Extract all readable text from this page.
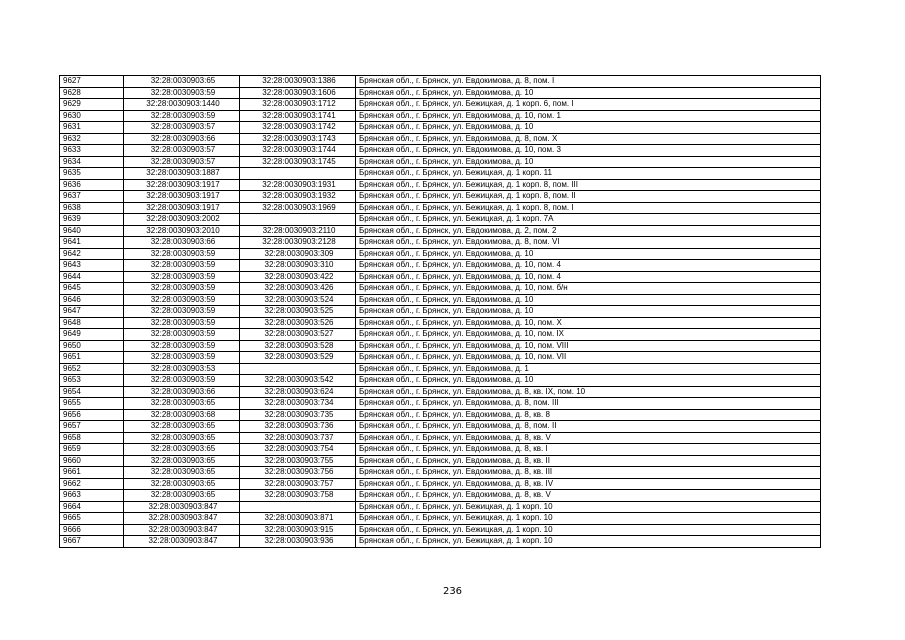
9627	32:28:0030903:65	32:28:0030903:1386	Брянская обл., г. Брянск, ул. Евдокимова, д. 8, пом. I
9628	32:28:0030903:59	32:28:0030903:1606	Брянская обл., г. Брянск, ул. Евдокимова, д. 10
9629	32:28:0030903:1440	32:28:0030903:1712	Брянская обл., г. Брянск, ул. Бежицкая, д. 1 корп. 6, пом. I
9630	32:28:0030903:59	32:28:0030903:1741	Брянская обл., г. Брянск, ул. Евдокимова, д. 10, пом. 1
9631	32:28:0030903:57	32:28:0030903:1742	Брянская обл., г. Брянск, ул. Евдокимова, д. 10
9632	32:28:0030903:66	32:28:0030903:1743	Брянская обл., г. Брянск, ул. Евдокимова, д. 8, пом. X
9633	32:28:0030903:57	32:28:0030903:1744	Брянская обл., г. Брянск, ул. Евдокимова, д. 10, пом. 3
9634	32:28:0030903:57	32:28:0030903:1745	Брянская обл., г. Брянск, ул. Евдокимова, д. 10
9635	32:28:0030903:1887		Брянская обл., г. Брянск, ул. Бежицкая, д. 1 корп. 11
9636	32:28:0030903:1917	32:28:0030903:1931	Брянская обл., г. Брянск, ул. Бежицкая, д. 1 корп. 8, пом. III
9637	32:28:0030903:1917	32:28:0030903:1932	Брянская обл., г. Брянск, ул. Бежицкая, д. 1 корп. 8, пом. II
9638	32:28:0030903:1917	32:28:0030903:1969	Брянская обл., г. Брянск, ул. Бежицкая, д. 1 корп. 8, пом. I
9639	32:28:0030903:2002		Брянская обл., г. Брянск, ул. Бежицкая, д. 1 корп. 7А
9640	32:28:0030903:2010	32:28:0030903:2110	Брянская обл., г. Брянск, ул. Евдокимова, д. 2, пом. 2
9641	32:28:0030903:66	32:28:0030903:2128	Брянская обл., г. Брянск, ул. Евдокимова, д. 8, пом. VI
9642	32:28:0030903:59	32:28:0030903:309	Брянская обл., г. Брянск, ул. Евдокимова, д. 10
9643	32:28:0030903:59	32:28:0030903:310	Брянская обл., г. Брянск, ул. Евдокимова, д. 10, пом. 4
9644	32:28:0030903:59	32:28:0030903:422	Брянская обл., г. Брянск, ул. Евдокимова, д. 10, пом. 4
9645	32:28:0030903:59	32:28:0030903:426	Брянская обл., г. Брянск, ул. Евдокимова, д. 10, пом. б/н
9646	32:28:0030903:59	32:28:0030903:524	Брянская обл., г. Брянск, ул. Евдокимова, д. 10
9647	32:28:0030903:59	32:28:0030903:525	Брянская обл., г. Брянск, ул. Евдокимова, д. 10
9648	32:28:0030903:59	32:28:0030903:526	Брянская обл., г. Брянск, ул. Евдокимова, д. 10, пом. X
9649	32:28:0030903:59	32:28:0030903:527	Брянская обл., г. Брянск, ул. Евдокимова, д. 10, пом. IX
9650	32:28:0030903:59	32:28:0030903:528	Брянская обл., г. Брянск, ул. Евдокимова, д. 10, пом. VIII
9651	32:28:0030903:59	32:28:0030903:529	Брянская обл., г. Брянск, ул. Евдокимова, д. 10, пом. VII
9652	32:28:0030903:53		Брянская обл., г. Брянск, ул. Евдокимова, д. 1
9653	32:28:0030903:59	32:28:0030903:542	Брянская обл., г. Брянск, ул. Евдокимова, д. 10
9654	32:28:0030903:66	32:28:0030903:624	Брянская обл., г. Брянск, ул. Евдокимова, д. 8, кв. IX, пом. 10
9655	32:28:0030903:65	32:28:0030903:734	Брянская обл., г. Брянск, ул. Евдокимова, д. 8, пом. III
9656	32:28:0030903:68	32:28:0030903:735	Брянская обл., г. Брянск, ул. Евдокимова, д. 8, кв. 8
9657	32:28:0030903:65	32:28:0030903:736	Брянская обл., г. Брянск, ул. Евдокимова, д. 8, пом. II
9658	32:28:0030903:65	32:28:0030903:737	Брянская обл., г. Брянск, ул. Евдокимова, д. 8, кв. V
9659	32:28:0030903:65	32:28:0030903:754	Брянская обл., г. Брянск, ул. Евдокимова, д. 8, кв. I
9660	32:28:0030903:65	32:28:0030903:755	Брянская обл., г. Брянск, ул. Евдокимова, д. 8, кв. II
9661	32:28:0030903:65	32:28:0030903:756	Брянская обл., г. Брянск, ул. Евдокимова, д. 8, кв. III
9662	32:28:0030903:65	32:28:0030903:757	Брянская обл., г. Брянск, ул. Евдокимова, д. 8, кв. IV
9663	32:28:0030903:65	32:28:0030903:758	Брянская обл., г. Брянск, ул. Евдокимова, д. 8, кв. V
9664	32:28:0030903:847		Брянская обл., г. Брянск, ул. Бежицкая, д. 1 корп. 10
9665	32:28:0030903:847	32:28:0030903:871	Брянская обл., г. Брянск, ул. Бежицкая, д. 1 корп. 10
9666	32:28:0030903:847	32:28:0030903:915	Брянская обл., г. Брянск, ул. Бежицкая, д. 1 корп. 10
9667	32:28:0030903:847	32:28:0030903:936	Брянская обл., г. Брянск, ул. Бежицкая, д. 1 корп. 10
236
